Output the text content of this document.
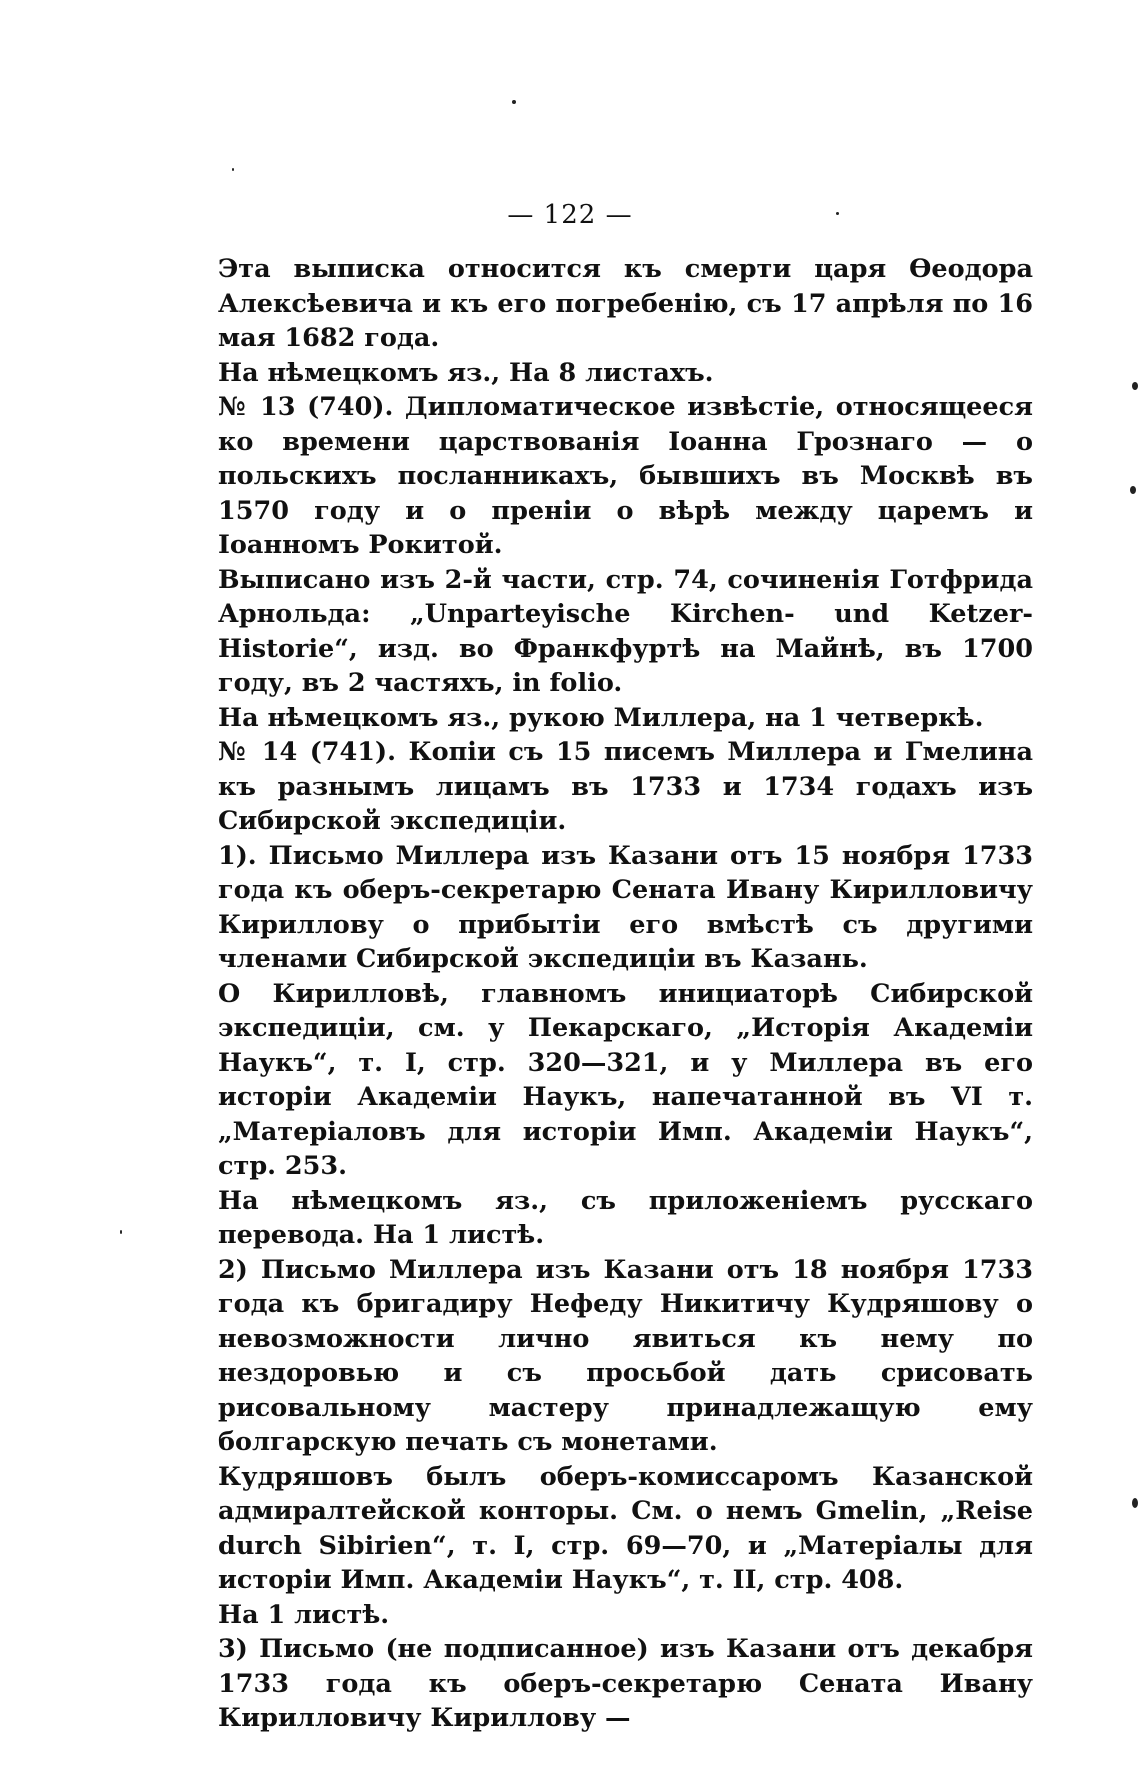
— 122 —

Эта выписка относится къ смерти царя Өеодора Алексѣевича и къ его погребенію, съ 17 апрѣля по 16 мая 1682 года.

На нѣмецкомъ яз., На 8 листахъ.

№ 13 (740). Дипломатическое извѣстіе, относящееся ко времени царствованія Іоанна Грознаго — о польскихъ посланникахъ, бывшихъ въ Москвѣ въ 1570 году и о преніи о вѣрѣ между царемъ и Іоанномъ Рокитой.

Выписано изъ 2-й части, стр. 74, сочиненія Готфрида Арнольда: „Unparteyische Kirchen- und Ketzer-Historie“, изд. во Франкфуртѣ на Майнѣ, въ 1700 году, въ 2 частяхъ, in folio.

На нѣмецкомъ яз., рукою Миллера, на 1 четверкѣ.

№ 14 (741). Копіи съ 15 писемъ Миллера и Гмелина къ разнымъ лицамъ въ 1733 и 1734 годахъ изъ Сибирской экспедиціи.

1). Письмо Миллера изъ Казани отъ 15 ноября 1733 года къ оберъ-секретарю Сената Ивану Кирилловичу Кириллову о прибытіи его вмѣстѣ съ другими членами Сибирской экспедиціи въ Казань.

О Кирилловѣ, главномъ инициаторѣ Сибирской экспедиціи, см. у Пекарскаго, „Исторія Академіи Наукъ“, т. I, стр. 320—321, и у Миллера въ его исторіи Академіи Наукъ, напечатанной въ VI т. „Матеріаловъ для исторіи Имп. Академіи Наукъ“, стр. 253.

На нѣмецкомъ яз., съ приложеніемъ русскаго перевода. На 1 листѣ.

2) Письмо Миллера изъ Казани отъ 18 ноября 1733 года къ бригадиру Нефеду Никитичу Кудряшову о невозможности лично явиться къ нему по нездоровью и съ просьбой дать срисовать рисовальному мастеру принадлежащую ему болгарскую печать съ монетами.

Кудряшовъ былъ оберъ-комиссаромъ Казанской адмиралтейской конторы. См. о немъ Gmelin, „Reise durch Sibirien“, т. I, стр. 69—70, и „Матеріалы для исторіи Имп. Академіи Наукъ“, т. II, стр. 408.

На 1 листѣ.

3) Письмо (не подписанное) изъ Казани отъ декабря 1733 года къ оберъ-секретарю Сената Ивану Кирилловичу Кириллову —
